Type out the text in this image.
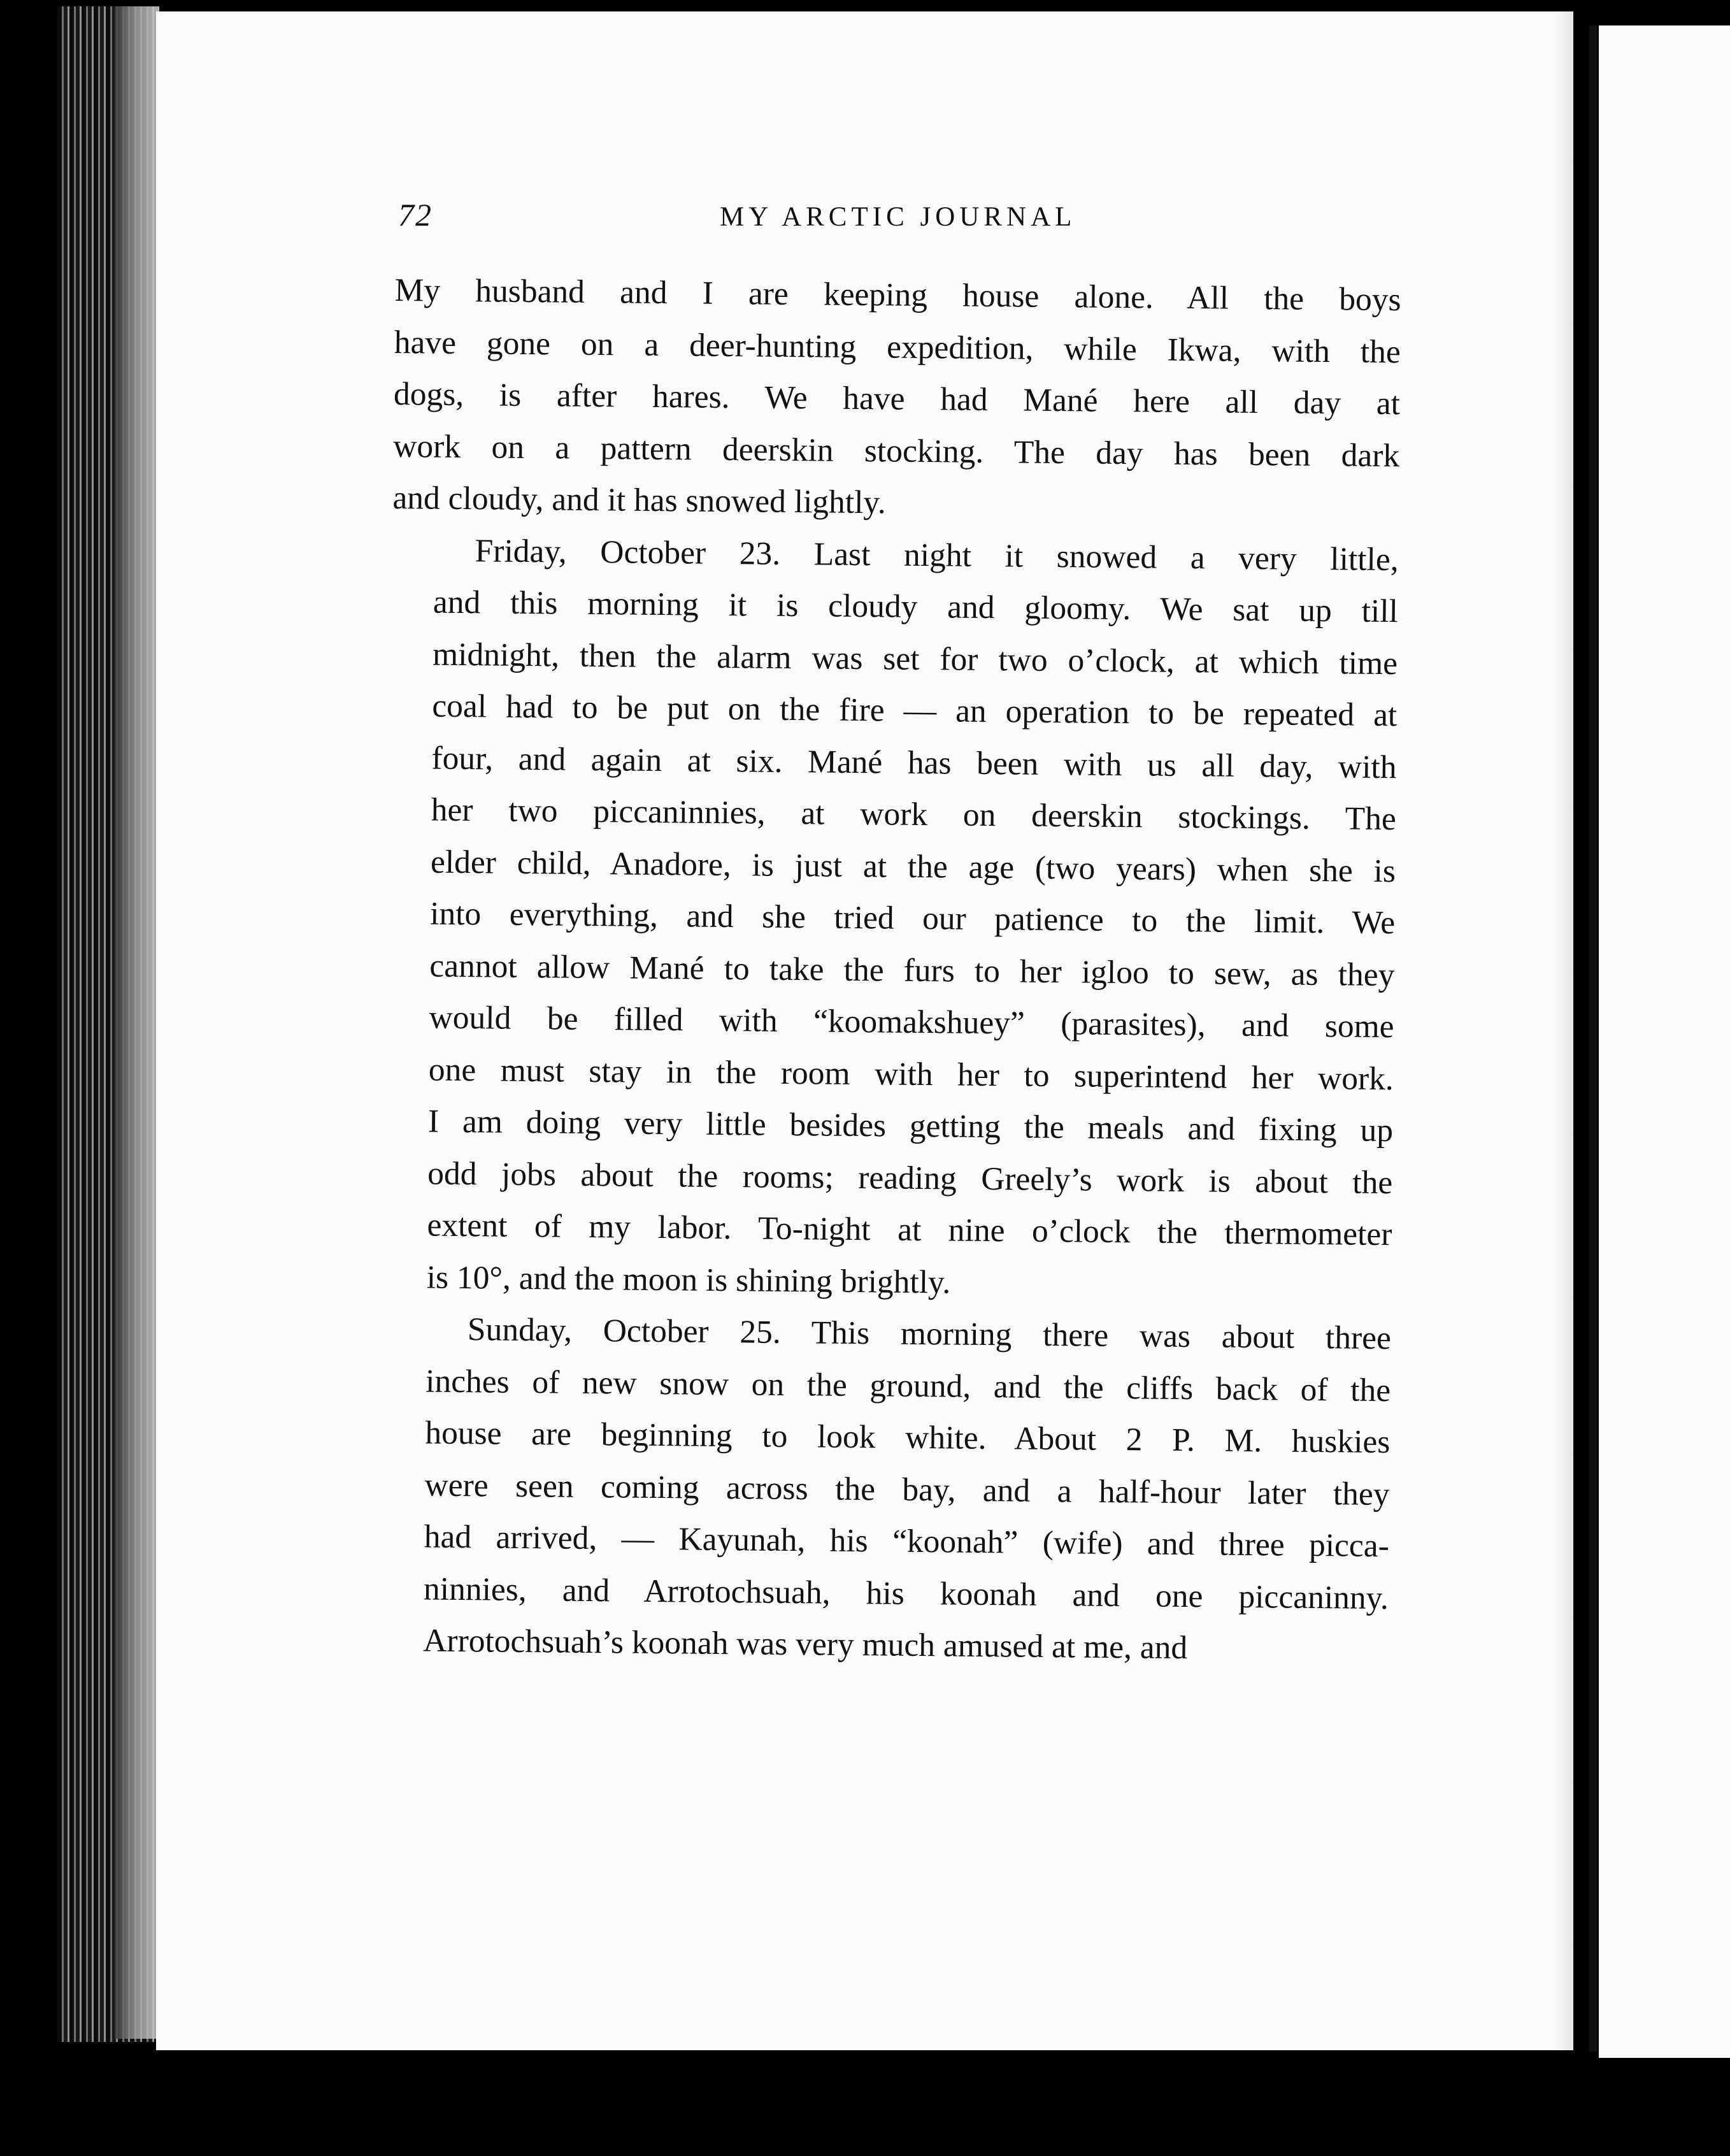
72	MY ARCTIC JOURNAL
My husband and I are keeping house alone. All the boys
have gone on a deer-hunting expedition, while Ikwa, with the
dogs, is after hares. We have had Mané here all day at
work on a pattern deerskin stocking. The day has been dark
and cloudy, and it has snowed lightly.
Friday, October 23. Last night it snowed a very little,
and this morning it is cloudy and gloomy. We sat up till
midnight, then the alarm was set for two o’clock, at which time
coal had to be put on the fire — an operation to be repeated at
four, and again at six. Mané has been with us all day, with
her two piccaninnies, at work on deerskin stockings. The
elder child, Anadore, is just at the age (two years) when she is
into everything, and she tried our patience to the limit. We
cannot allow Mané to take the furs to her igloo to sew, as they
would be filled with “koomakshuey” (parasites), and some
one must stay in the room with her to superintend her work.
I am doing very little besides getting the meals and fixing up
odd jobs about the rooms; reading Greely’s work is about the
extent of my labor. To-night at nine o’clock the thermometer
is 10°, and the moon is shining brightly.
Sunday, October 25. This morning there was about three
inches of new snow on the ground, and the cliffs back of the
house are beginning to look white. About 2 P. M. huskies
were seen coming across the bay, and a half-hour later they
had arrived, — Kayunah, his “koonah” (wife) and three picca-
ninnies, and Arrotochsuah, his koonah and one piccaninny.
Arrotochsuah’s koonah was very much amused at me, and
